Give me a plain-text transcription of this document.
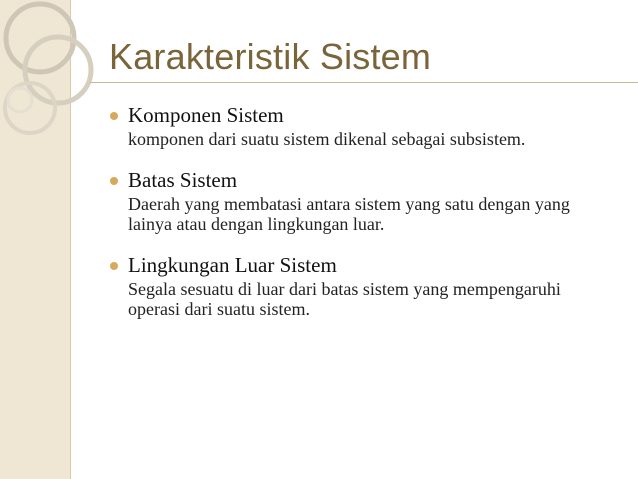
Karakteristik Sistem
Komponen Sistem
komponen dari suatu sistem dikenal sebagai subsistem.
Batas Sistem
Daerah yang membatasi antara sistem yang satu dengan yang lainya atau dengan lingkungan luar.
Lingkungan Luar Sistem
Segala sesuatu di luar dari batas sistem yang mempengaruhi operasi dari suatu sistem.
